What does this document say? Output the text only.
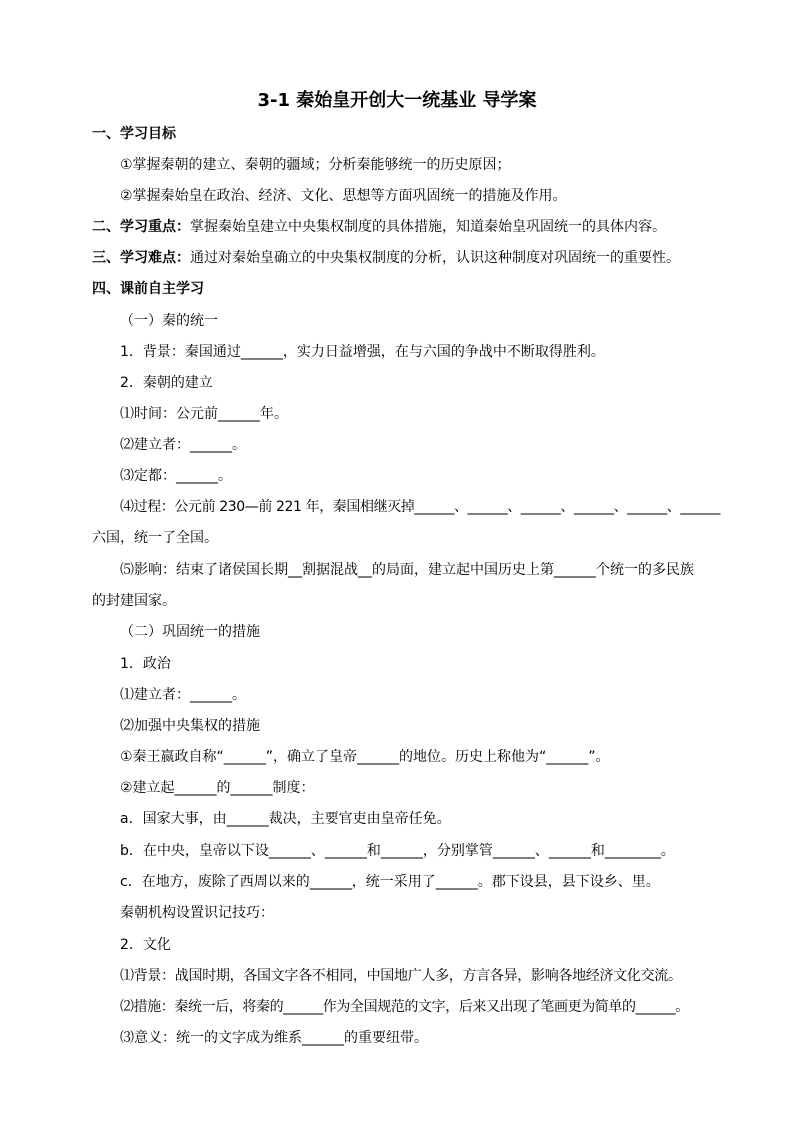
3-1 秦始皇开创大一统基业 导学案
一、学习目标
①掌握秦朝的建立、秦朝的疆域；分析秦能够统一的历史原因；
②掌握秦始皇在政治、经济、文化、思想等方面巩固统一的措施及作用。
二、学习重点：掌握秦始皇建立中央集权制度的具体措施，知道秦始皇巩固统一的具体内容。
三、学习难点：通过对秦始皇确立的中央集权制度的分析，认识这种制度对巩固统一的重要性。
四、课前自主学习
（一）秦的统一
1．背景：秦国通过______，实力日益增强，在与六国的争战中不断取得胜利。
2．秦朝的建立
⑴时间：公元前______年。
⑵建立者：______。
⑶定都：______。
⑷过程：公元前 230—前 221 年，秦国相继灭掉______、______、______、______、______、______
六国，统一了全国。
⑸影响：结束了诸侯国长期__割据混战__的局面，建立起中国历史上第______个统一的多民族
的封建国家。
（二）巩固统一的措施
1．政治
⑴建立者：______。
⑵加强中央集权的措施
①秦王嬴政自称“______”，确立了皇帝______的地位。历史上称他为“______”。
②建立起______的______制度：
a．国家大事，由______裁决，主要官吏由皇帝任免。
b．在中央，皇帝以下设______、______和______，分别掌管______、______和________。
c．在地方，废除了西周以来的______，统一采用了______。郡下设县，县下设乡、里。
秦朝机构设置识记技巧：
2．文化
⑴背景：战国时期，各国文字各不相同，中国地广人多，方言各异，影响各地经济文化交流。
⑵措施：秦统一后，将秦的______作为全国规范的文字，后来又出现了笔画更为简单的______。
⑶意义：统一的文字成为维系______的重要纽带。
